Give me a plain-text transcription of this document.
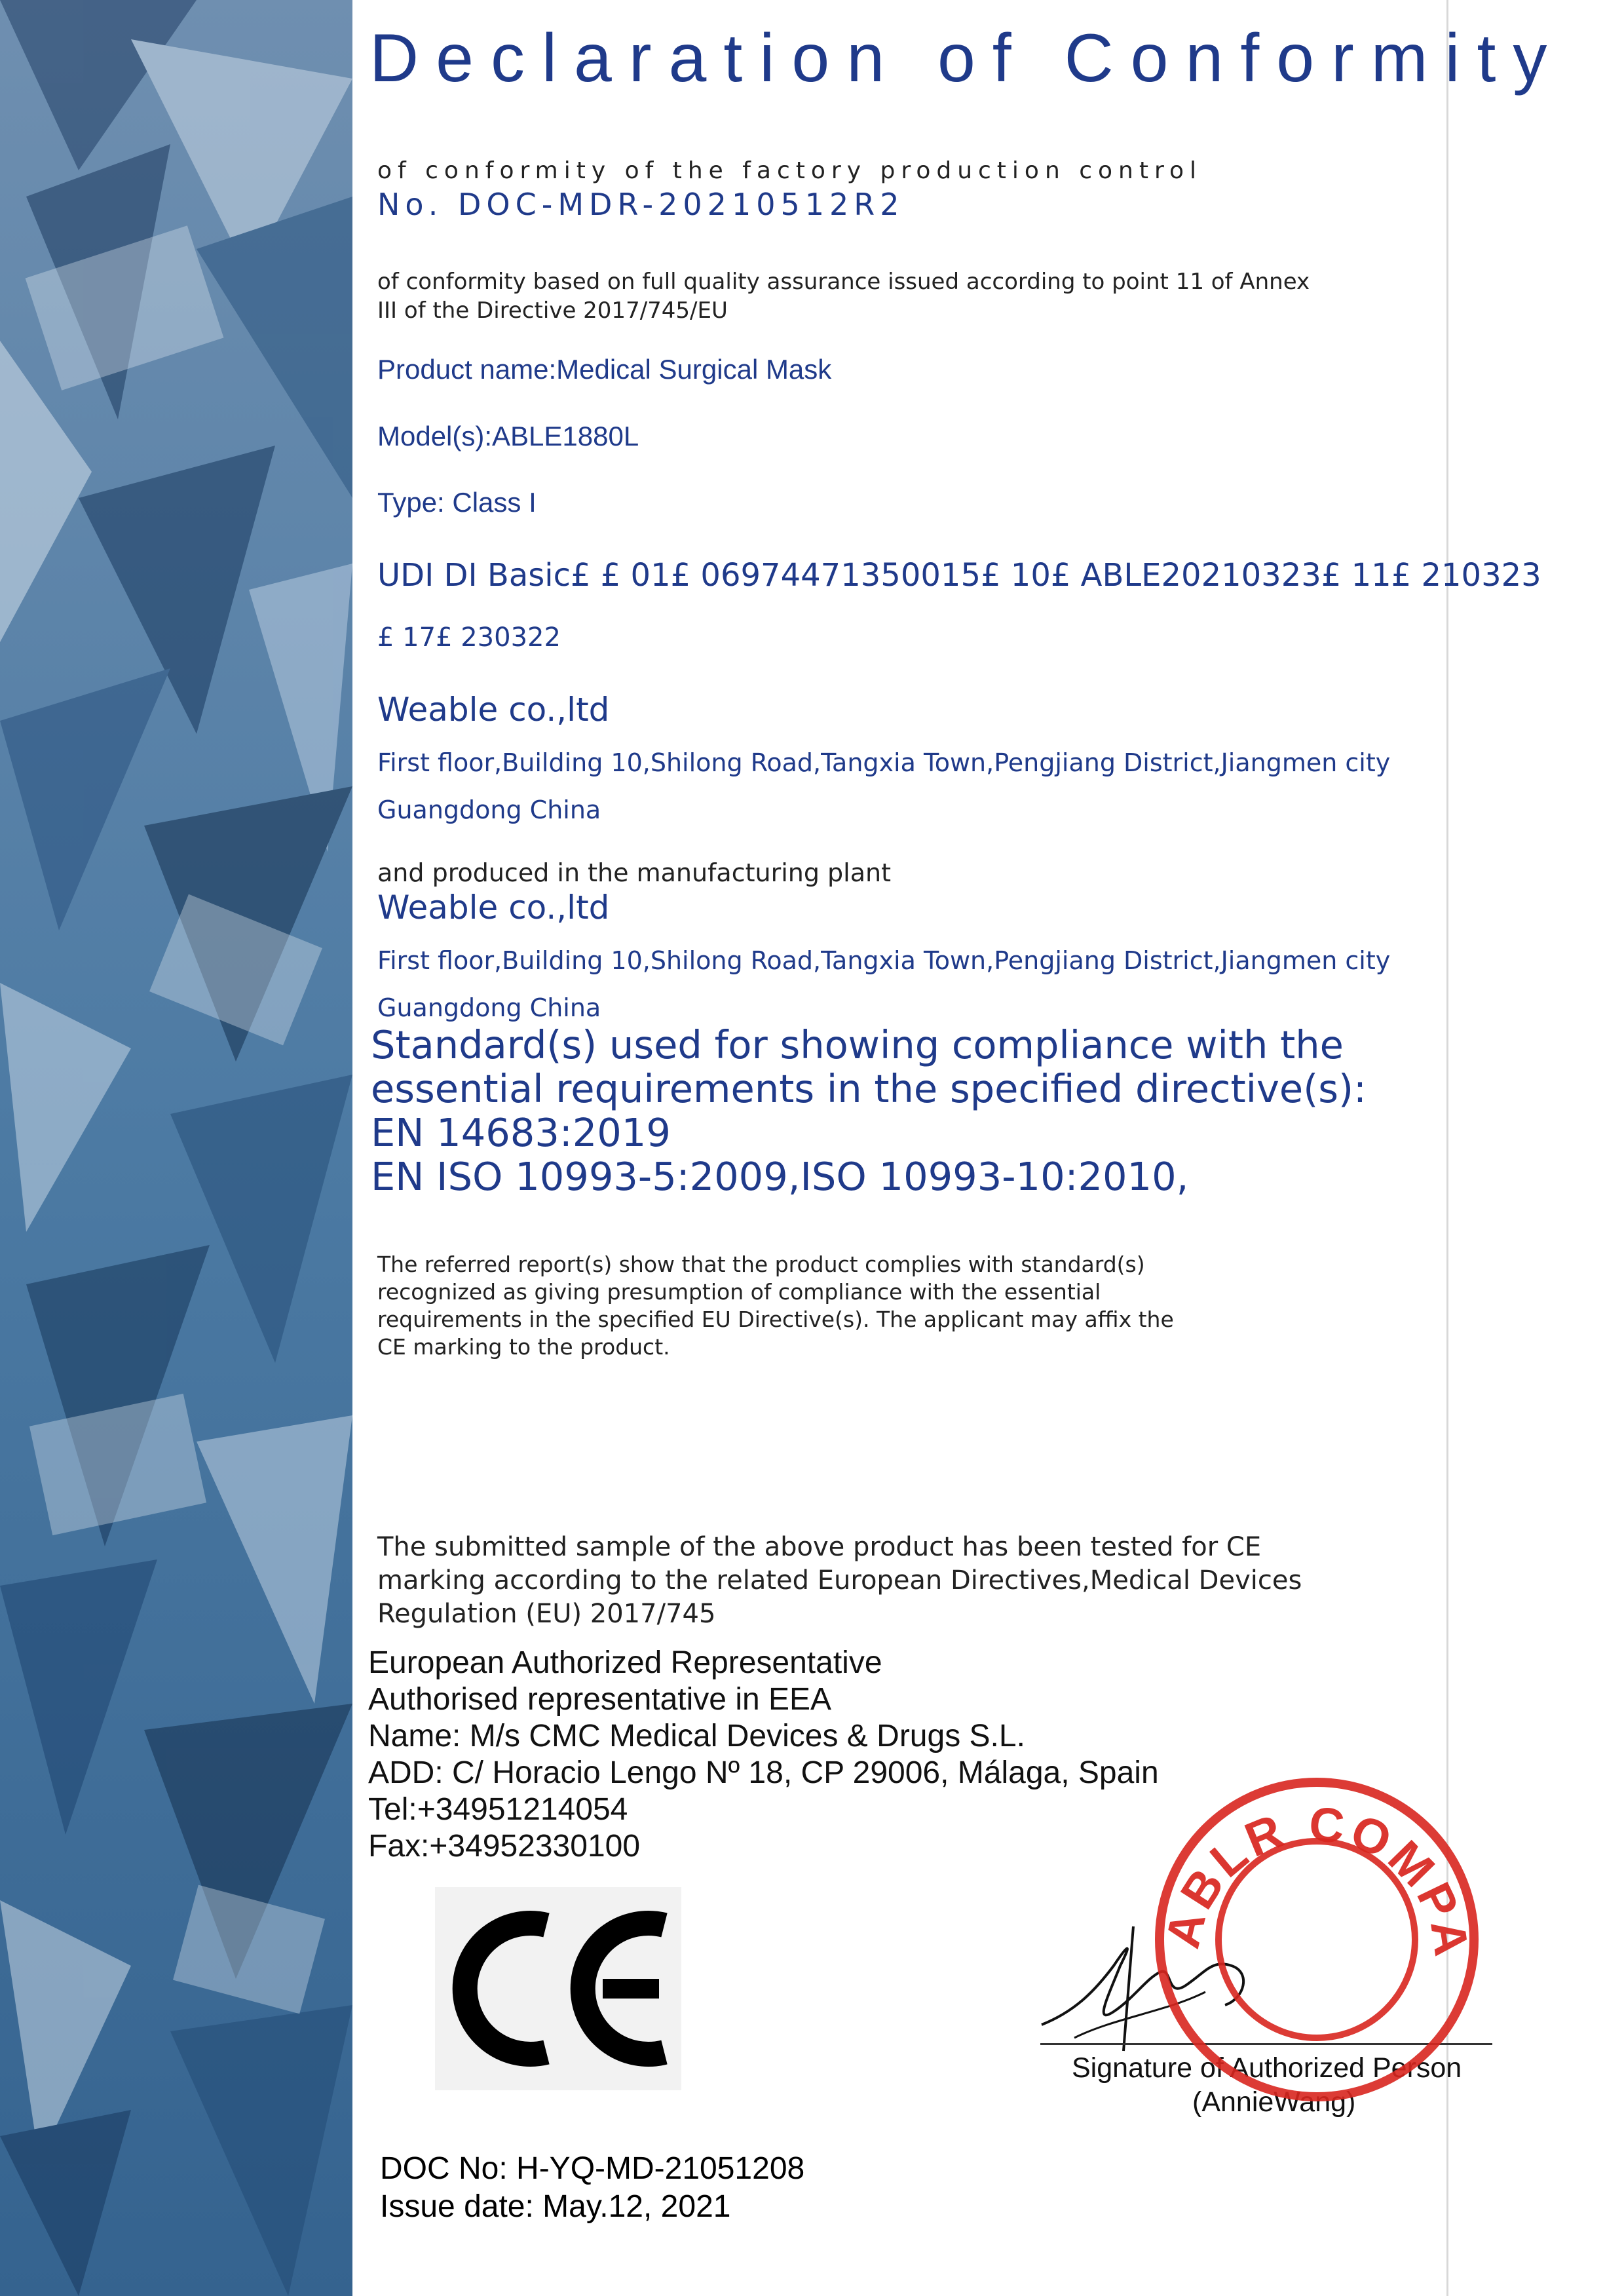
Declaration of Conformity
of conformity of the factory production control
No. DOC-MDR-20210512R2
of conformity based on full quality assurance issued according to point 11 of Annex
III of the Directive 2017/745/EU
Product name:Medical Surgical Mask
Model(s):ABLE1880L
Type: Class I
UDI DI Basic£ £ 01£ 06974471350015£ 10£ ABLE20210323£ 11£ 210323
£ 17£ 230322
Weable co.,ltd
First floor,Building 10,Shilong Road,Tangxia Town,Pengjiang District,Jiangmen city
Guangdong China
and produced in the manufacturing plant
Weable co.,ltd
First floor,Building 10,Shilong Road,Tangxia Town,Pengjiang District,Jiangmen city
Guangdong China
Standard(s) used for showing compliance with the
essential requirements in the specified directive(s):
EN 14683:2019
EN ISO 10993-5:2009,ISO 10993-10:2010,
The referred report(s) show that the product complies with standard(s)
recognized as giving presumption of compliance with the essential
requirements in the specified EU Directive(s). The applicant may affix the
CE marking to the product.
The submitted sample of the above product has been tested for CE
marking according to the related European Directives,Medical Devices
Regulation (EU) 2017/745
European Authorized Representative
Authorised representative in EEA
Name: M/s CMC Medical Devices & Drugs S.L.
ADD: C/ Horacio Lengo Nº 18, CP 29006, Málaga, Spain
Tel:+34951214054
Fax:+34952330100
Signature of Authorized Person
(AnnieWang)
ABLR COMPA
DOC No: H-YQ-MD-21051208
Issue date: May.12, 2021
